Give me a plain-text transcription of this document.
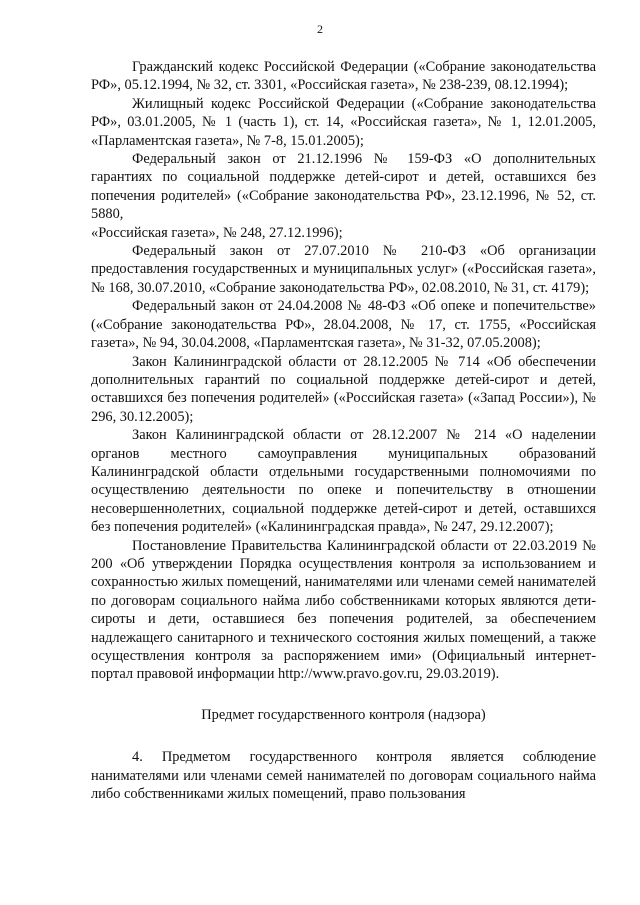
2

Гражданский кодекс Российской Федерации («Собрание законодательства РФ», 05.12.1994, № 32, ст. 3301, «Российская газета», № 238-239, 08.12.1994);

Жилищный кодекс Российской Федерации («Собрание законодательства РФ», 03.01.2005, № 1 (часть 1), ст. 14, «Российская газета», № 1, 12.01.2005, «Парламентская газета», № 7-8, 15.01.2005);

Федеральный закон от 21.12.1996 № 159-ФЗ «О дополнительных гарантиях по социальной поддержке детей-сирот и детей, оставшихся без попечения родителей» («Собрание законодательства РФ», 23.12.1996, № 52, ст. 5880,

«Российская газета», № 248, 27.12.1996);

Федеральный закон от 27.07.2010 № 210-ФЗ «Об организации предоставления государственных и муниципальных услуг» («Российская газета», № 168, 30.07.2010, «Собрание законодательства РФ», 02.08.2010, № 31, ст. 4179);

Федеральный закон от 24.04.2008 № 48-ФЗ «Об опеке и попечительстве» («Собрание законодательства РФ», 28.04.2008, № 17, ст. 1755, «Российская газета», № 94, 30.04.2008, «Парламентская газета», № 31-32, 07.05.2008);

Закон Калининградской области от 28.12.2005 № 714 «Об обеспечении дополнительных гарантий по социальной поддержке детей-сирот и детей, оставшихся без попечения родителей» («Российская газета» («Запад России»), № 296, 30.12.2005);

Закон Калининградской области от 28.12.2007 № 214 «О наделении органов местного самоуправления муниципальных образований Калининградской области отдельными государственными полномочиями по осуществлению деятельности по опеке и попечительству в отношении несовершеннолетних, социальной поддержке детей-сирот и детей, оставшихся без попечения родителей» («Калининградская правда», № 247, 29.12.2007);

Постановление Правительства Калининградской области от 22.03.2019 № 200 «Об утверждении Порядка осуществления контроля за использованием и сохранностью жилых помещений, нанимателями или членами семей нанимателей по договорам социального найма либо собственниками которых являются дети-сироты и дети, оставшиеся без попечения родителей, за обеспечением надлежащего санитарного и технического состояния жилых помещений, а также осуществления контроля за распоряжением ими» (Официальный интернет-портал правовой информации http://www.pravo.gov.ru, 29.03.2019).

Предмет государственного контроля (надзора)

4. Предметом государственного контроля является соблюдение нанимателями или членами семей нанимателей по договорам социального найма либо собственниками жилых помещений, право пользования
